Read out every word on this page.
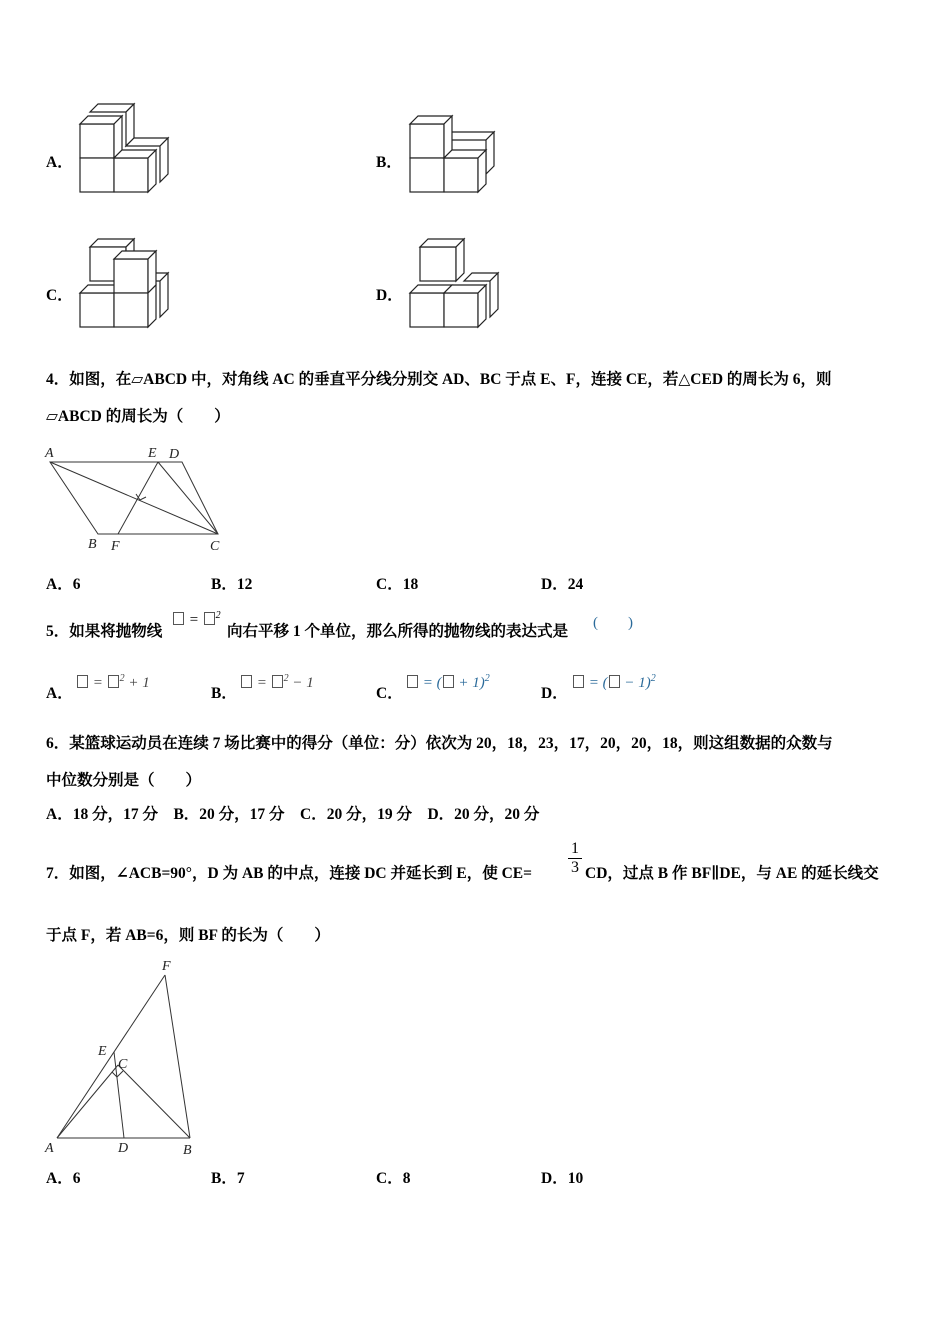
A．	B．
C．	D．
4．如图，在▱ABCD 中，对角线 AC 的垂直平分线分别交 AD、BC 于点 E、F，连接 CE，若△CED 的周长为 6，则
▱ABCD 的周长为（　　）
A	E D
B F	C
A．6	B．12	C．18	D．24
5．如果将抛物线
= $^2$
向右平移 1 个单位，那么所得的抛物线的表达式是 (　　)
A．
= $^2$ + 1
B．
= $^2$ − 1
C．
= ( + 1)$^2$
D．
= ( − 1)$^2$
6．某篮球运动员在连续 7 场比赛中的得分（单位：分）依次为 20，18，23，17，20，20，18，则这组数据的众数与
中位数分别是（　　）
A．18 分，17 分　B．20 分，17 分　C．20 分，19 分　D．20 分，20 分
7．如图，∠ACB=90°，D 为 AB 的中点，连接 DC 并延长到 E，使 $CE= \frac{1}{3}$ CD，过点 B 作 BF∥DE，与 AE 的延长线交
于点 F，若 AB=6，则 BF 的长为（　　）
F
E
C
A	D	B
A．6	B．7	C．8	D．10
